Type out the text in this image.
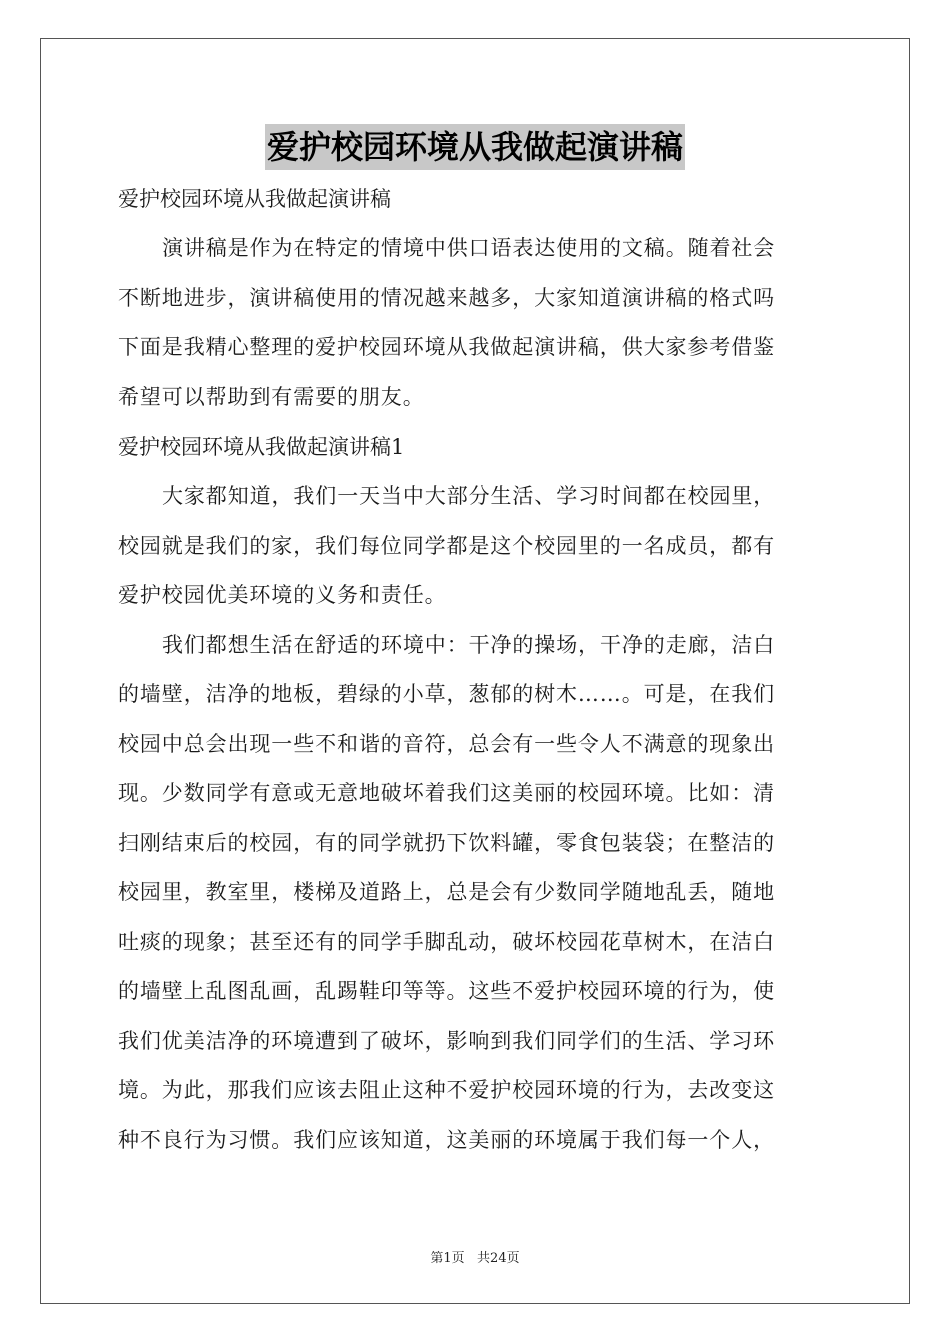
爱护校园环境从我做起演讲稿

爱护校园环境从我做起演讲稿

演讲稿是作为在特定的情境中供口语表达使用的文稿。随着社会
不断地进步，演讲稿使用的情况越来越多，大家知道演讲稿的格式吗
下面是我精心整理的爱护校园环境从我做起演讲稿，供大家参考借鉴
希望可以帮助到有需要的朋友。

爱护校园环境从我做起演讲稿1

大家都知道，我们一天当中大部分生活、学习时间都在校园里，
校园就是我们的家，我们每位同学都是这个校园里的一名成员，都有
爱护校园优美环境的义务和责任。
我们都想生活在舒适的环境中：干净的操场，干净的走廊，洁白
的墙壁，洁净的地板，碧绿的小草，葱郁的树木……。可是，在我们
校园中总会出现一些不和谐的音符，总会有一些令人不满意的现象出
现。少数同学有意或无意地破坏着我们这美丽的校园环境。比如：清
扫刚结束后的校园，有的同学就扔下饮料罐，零食包装袋；在整洁的
校园里，教室里，楼梯及道路上，总是会有少数同学随地乱丢，随地
吐痰的现象；甚至还有的同学手脚乱动，破坏校园花草树木，在洁白
的墙壁上乱图乱画，乱踢鞋印等等。这些不爱护校园环境的行为，使
我们优美洁净的环境遭到了破坏，影响到我们同学们的生活、学习环
境。为此，那我们应该去阻止这种不爱护校园环境的行为，去改变这
种不良行为习惯。我们应该知道，这美丽的环境属于我们每一个人，
第1页   共24页
